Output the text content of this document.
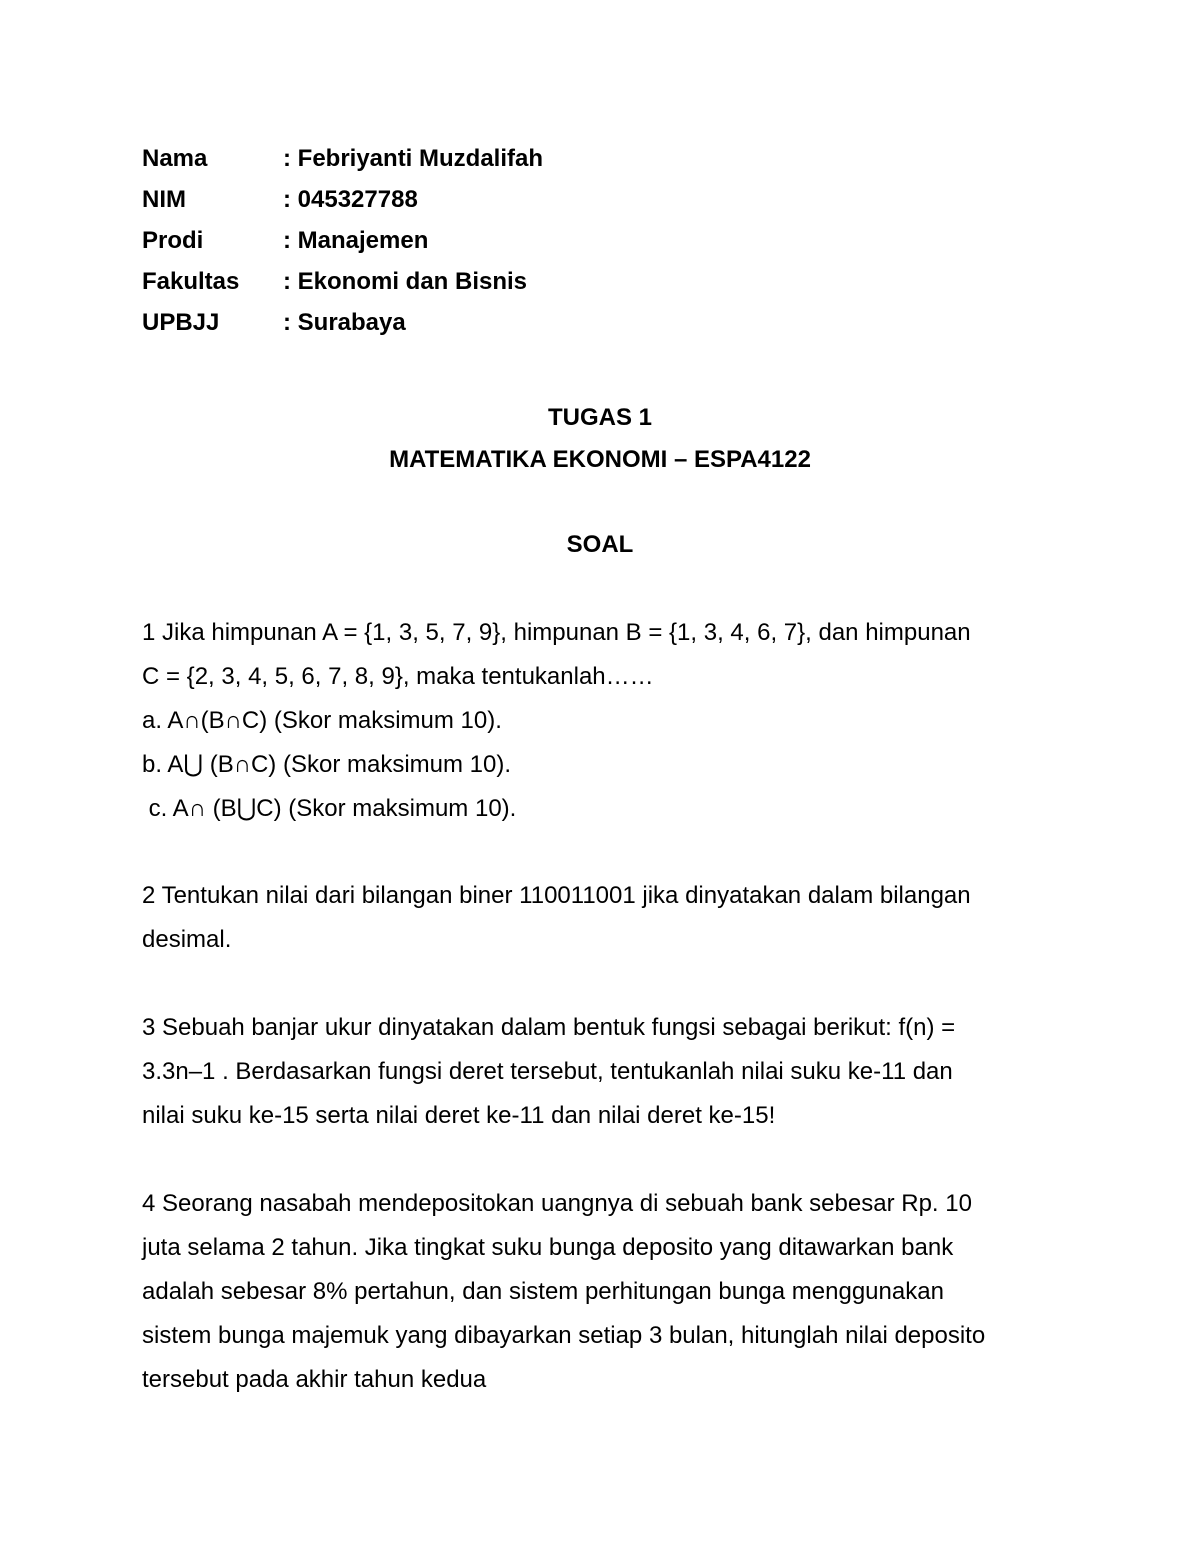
Nama	: Febriyanti Muzdalifah
NIM	: 045327788
Prodi	: Manajemen
Fakultas	: Ekonomi dan Bisnis
UPBJJ	: Surabaya
TUGAS 1
MATEMATIKA EKONOMI – ESPA4122
SOAL
1 Jika himpunan A = {1, 3, 5, 7, 9}, himpunan B = {1, 3, 4, 6, 7}, dan himpunan
C = {2, 3, 4, 5, 6, 7, 8, 9}, maka tentukanlah……
a. A∩(B∩C) (Skor maksimum 10).
b. A⋃ (B∩C) (Skor maksimum 10).
c. A∩ (B⋃C) (Skor maksimum 10).
2 Tentukan nilai dari bilangan biner 110011001 jika dinyatakan dalam bilangan
desimal.
3 Sebuah banjar ukur dinyatakan dalam bentuk fungsi sebagai berikut: f(n) =
3.3n–1 . Berdasarkan fungsi deret tersebut, tentukanlah nilai suku ke-11 dan
nilai suku ke-15 serta nilai deret ke-11 dan nilai deret ke-15!
4 Seorang nasabah mendepositokan uangnya di sebuah bank sebesar Rp. 10
juta selama 2 tahun. Jika tingkat suku bunga deposito yang ditawarkan bank
adalah sebesar 8% pertahun, dan sistem perhitungan bunga menggunakan
sistem bunga majemuk yang dibayarkan setiap 3 bulan, hitunglah nilai deposito
tersebut pada akhir tahun kedua
